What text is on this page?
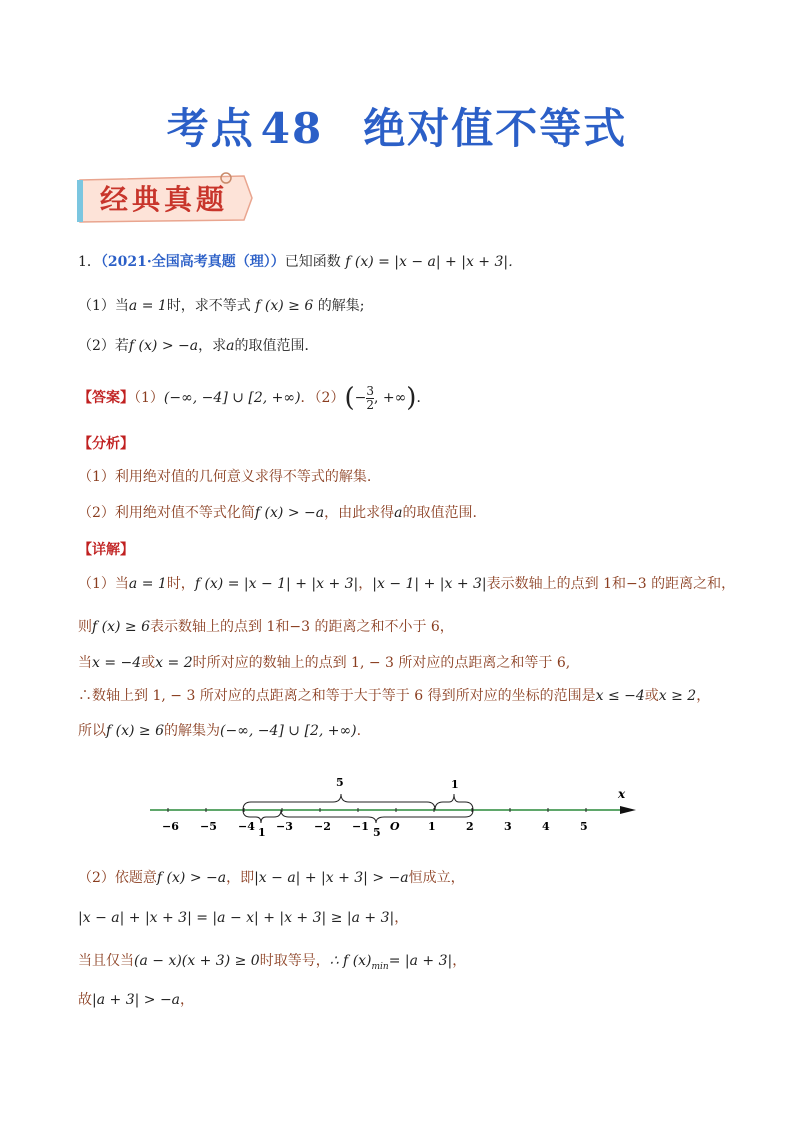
考点 48 绝对值不等式
经典真题
1．（2021·全国高考真题（理））已知函数 f (x) = |x − a| + |x + 3|．
（1）当a = 1时，求不等式 f (x) ≥ 6 的解集;
（2）若f (x) > −a，求a的取值范围．
【答案】（1）(−∞, −4] ∪ [2, +∞)．$(2)(- \frac{3}{2}$ , +∞)．
【分析】
（1）利用绝对值的几何意义求得不等式的解集.
（2）利用绝对值不等式化简f (x) > −a，由此求得a的取值范围.
【详解】
（1）当a = 1时，f (x) = |x − 1| + |x + 3|，|x − 1| + |x + 3|表示数轴上的点到 1和−3 的距离之和，
则f (x) ≥ 6表示数轴上的点到 1和−3 的距离之和不小于 6，
当x = −4或x = 2时所对应的数轴上的点到 1, − 3 所对应的点距离之和等于 6,
∴数轴上到 1, − 3 所对应的点距离之和等于大于等于 6 得到所对应的坐标的范围是x ≤ −4或x ≥ 2，
所以f (x) ≥ 6的解集为(−∞, −4] ∪ [2, +∞).
x
−6 −5 −4 −3 −2 −1 O	1	2	3	4	5
5	1
1	5
（2）依题意f (x) > −a，即|x − a| + |x + 3| > −a恒成立，
|x − a| + |x + 3| = |a − x| + |x + 3| ≥ |a + 3|，
当且仅当(a − x)(x + 3) ≥ 0时取等号，∴ f $(x)_{min}= |a + 3|$，
故|a + 3| > −a，
